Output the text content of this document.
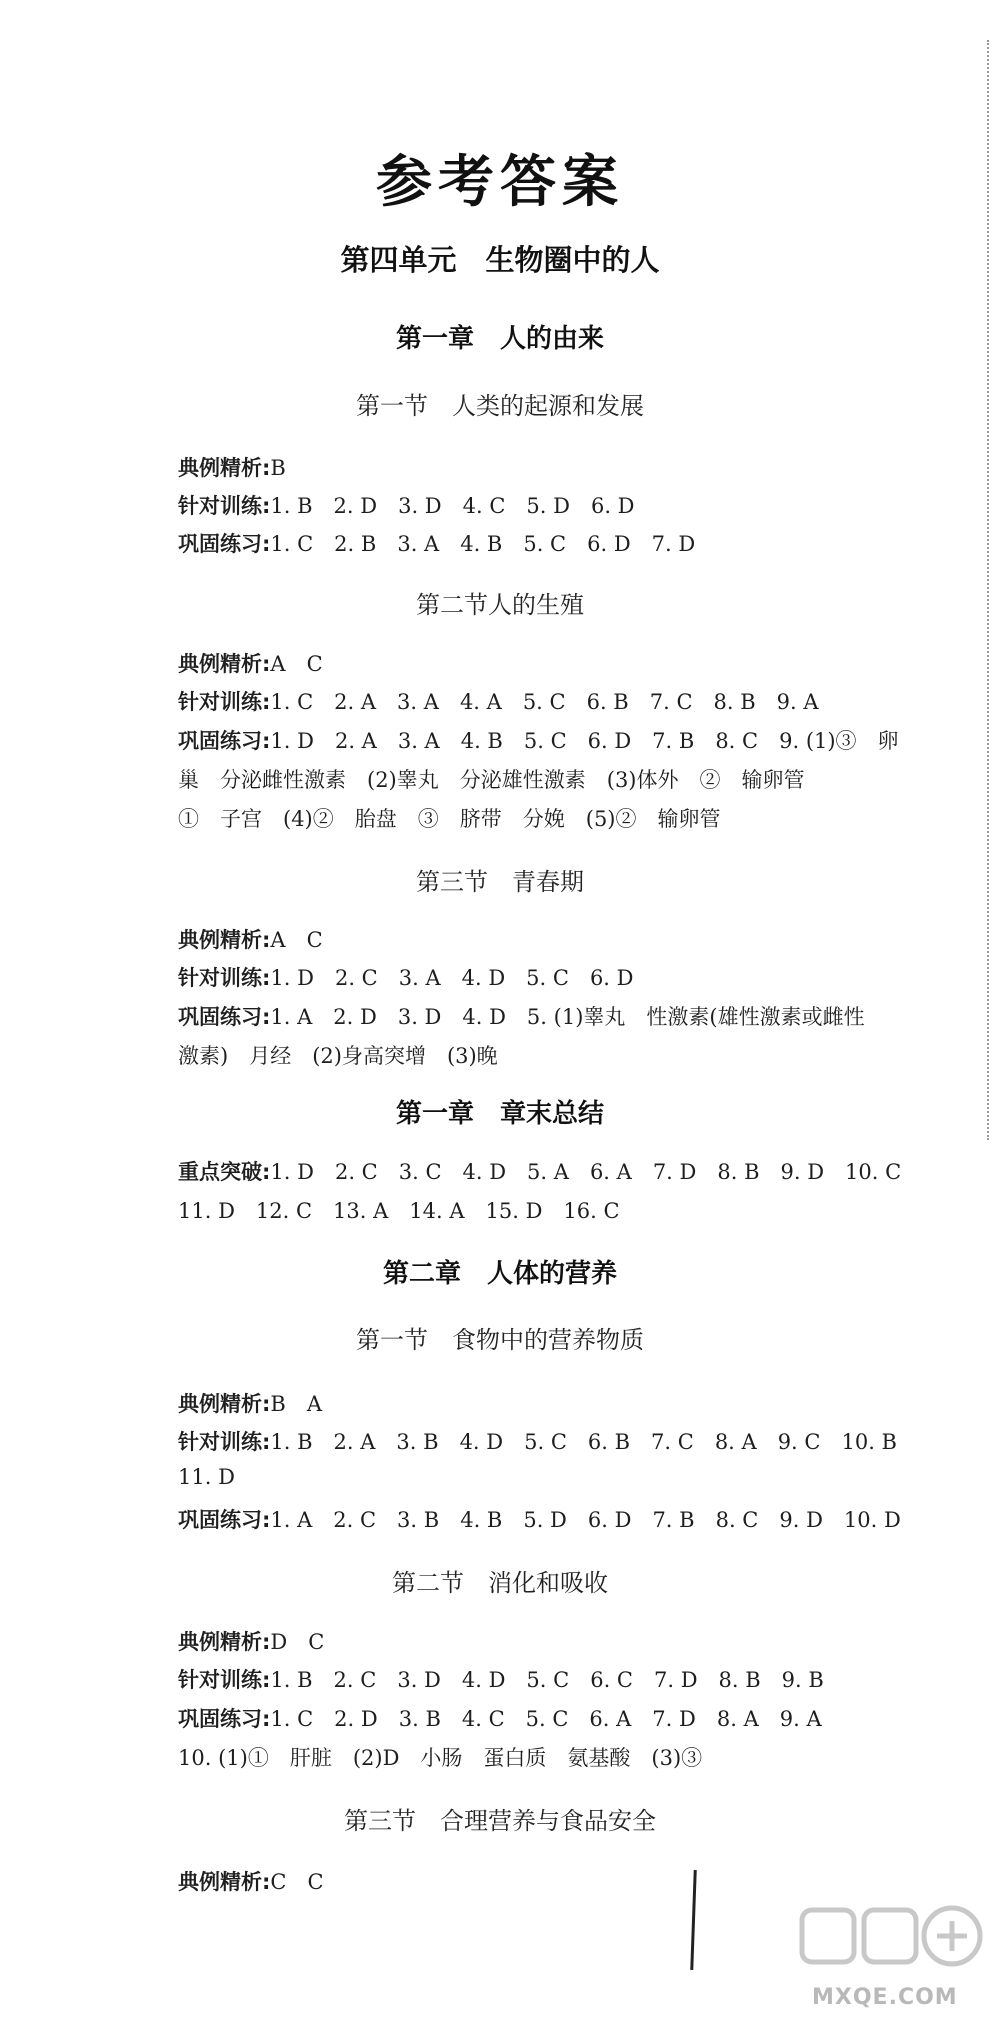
参考答案
第四单元　生物圈中的人
第一章　人的由来
第一节　人类的起源和发展
典例精析:B
针对训练:1. B　2. D　3. D　4. C　5. D　6. D
巩固练习:1. C　2. B　3. A　4. B　5. C　6. D　7. D
第二节人的生殖
典例精析:A　C
针对训练:1. C　2. A　3. A　4. A　5. C　6. B　7. C　8. B　9. A
巩固练习:1. D　2. A　3. A　4. B　5. C　6. D　7. B　8. C　9. (1)③　卵
巢　分泌雌性激素　(2)睾丸　分泌雄性激素　(3)体外　②　输卵管
①　子宫　(4)②　胎盘　③　脐带　分娩　(5)②　输卵管
第三节　青春期
典例精析:A　C
针对训练:1. D　2. C　3. A　4. D　5. C　6. D
巩固练习:1. A　2. D　3. D　4. D　5. (1)睾丸　性激素(雄性激素或雌性
激素)　月经　(2)身高突增　(3)晚
第一章　章末总结
重点突破:1. D　2. C　3. C　4. D　5. A　6. A　7. D　8. B　9. D　10. C
11. D　12. C　13. A　14. A　15. D　16. C
第二章　人体的营养
第一节　食物中的营养物质
典例精析:B　A
针对训练:1. B　2. A　3. B　4. D　5. C　6. B　7. C　8. A　9. C　10. B
11. D
巩固练习:1. A　2. C　3. B　4. B　5. D　6. D　7. B　8. C　9. D　10. D
第二节　消化和吸收
典例精析:D　C
针对训练:1. B　2. C　3. D　4. D　5. C　6. C　7. D　8. B　9. B
巩固练习:1. C　2. D　3. B　4. C　5. C　6. A　7. D　8. A　9. A
10. (1)①　肝脏　(2)D　小肠　蛋白质　氨基酸　(3)③
第三节　合理营养与食品安全
典例精析:C　C
MXQE.COM
